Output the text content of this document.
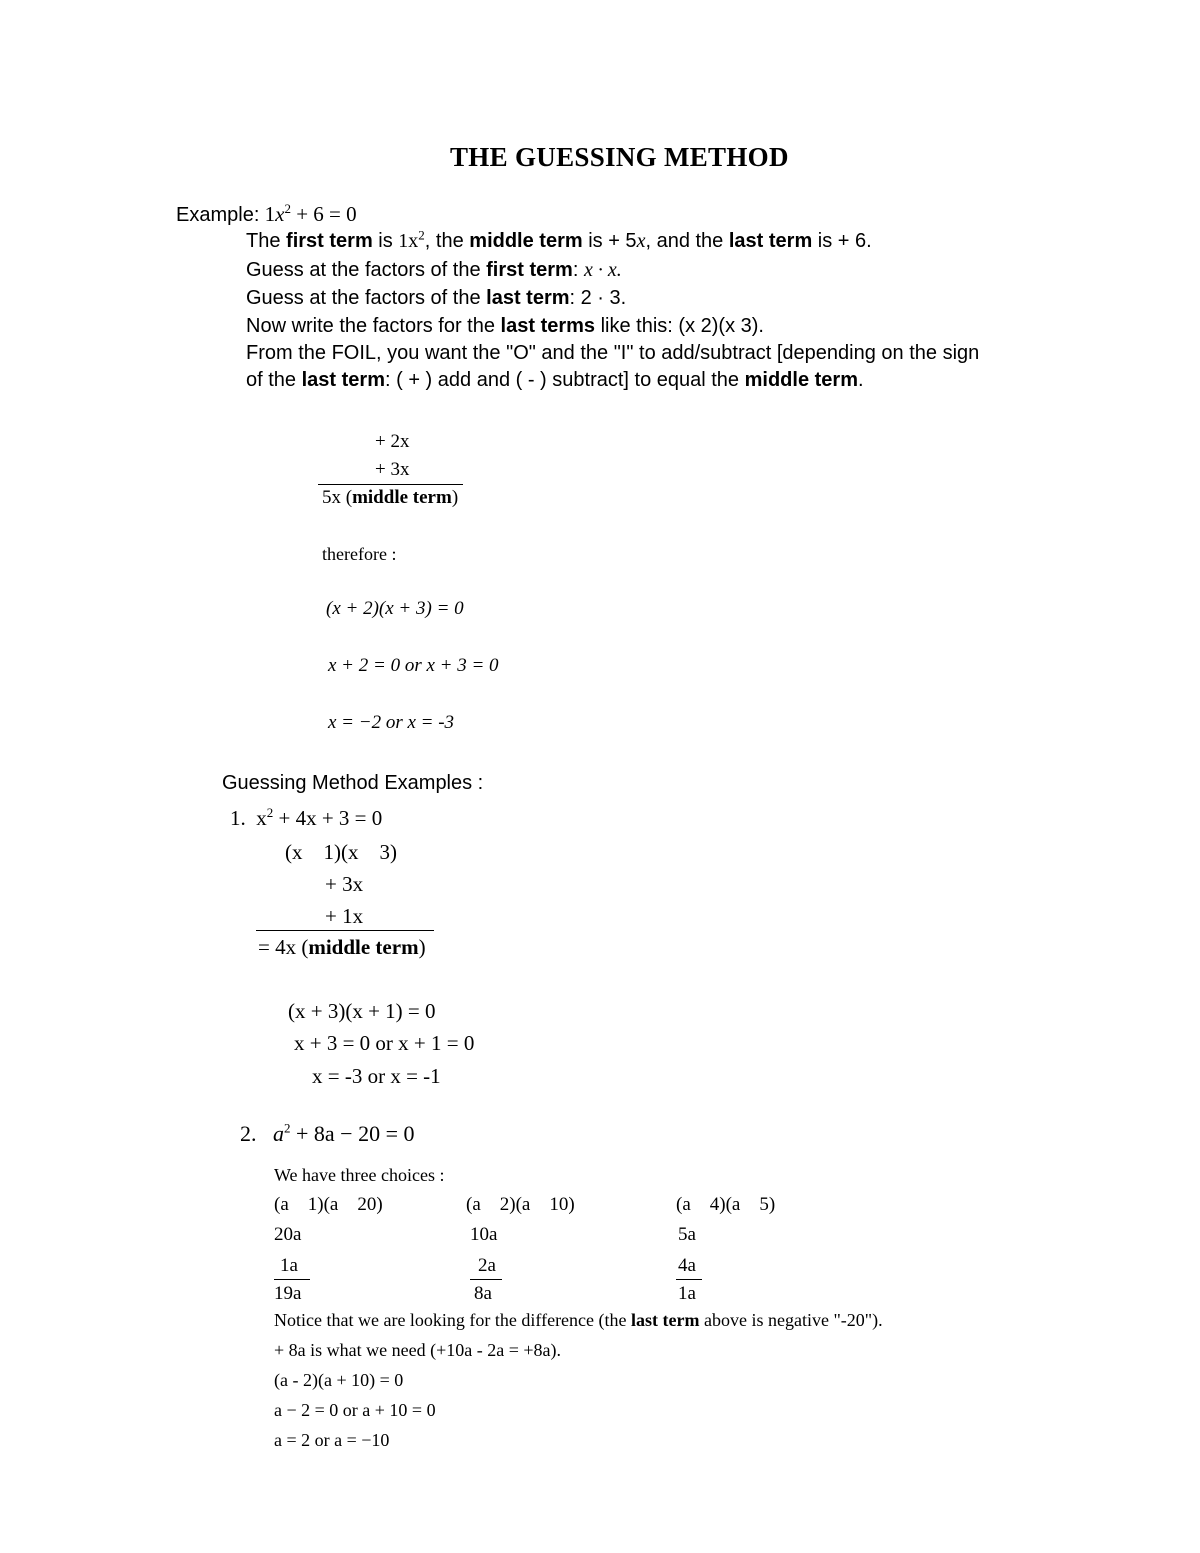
THE GUESSING METHOD
Example: $1x^2 + 6 = 0$
The first term is $1x^2$, the middle term is + 5x, and the last term is + 6.
Guess at the factors of the first term: x · x.
Guess at the factors of the last term: 2 · 3.
Now write the factors for the last terms like this: (x 2)(x 3).
From the FOIL, you want the "O" and the "I" to add/subtract [depending on the sign
of the last term: ( + ) add and ( - ) subtract] to equal the middle term.
+ 2x
+ 3x
5x (middle term)
therefore :
(x + 2)(x + 3) = 0
x + 2 = 0 or x + 3 = 0
x = −2 or x = -3
Guessing Method Examples :
1. $x^2 + 4x + 3 = 0$
(x    1)(x    3)
+ 3x
+ 1x
= 4x (middle term)
(x + 3)(x + 1) = 0
x + 3 = 0 or x + 1 = 0
x = -3 or x = -1
2. $a^2 + 8a - 20 = 0$
We have three choices :
(a    1)(a    20)
20a
1a
19a
(a    2)(a    10)
10a
2a
8a
(a    4)(a    5)
5a
4a
1a
Notice that we are looking for the difference (the last term above is negative "-20").
+ 8a is what we need (+10a - 2a = +8a).
(a - 2)(a + 10) = 0
a − 2 = 0 or a + 10 = 0
a = 2 or a = −10
